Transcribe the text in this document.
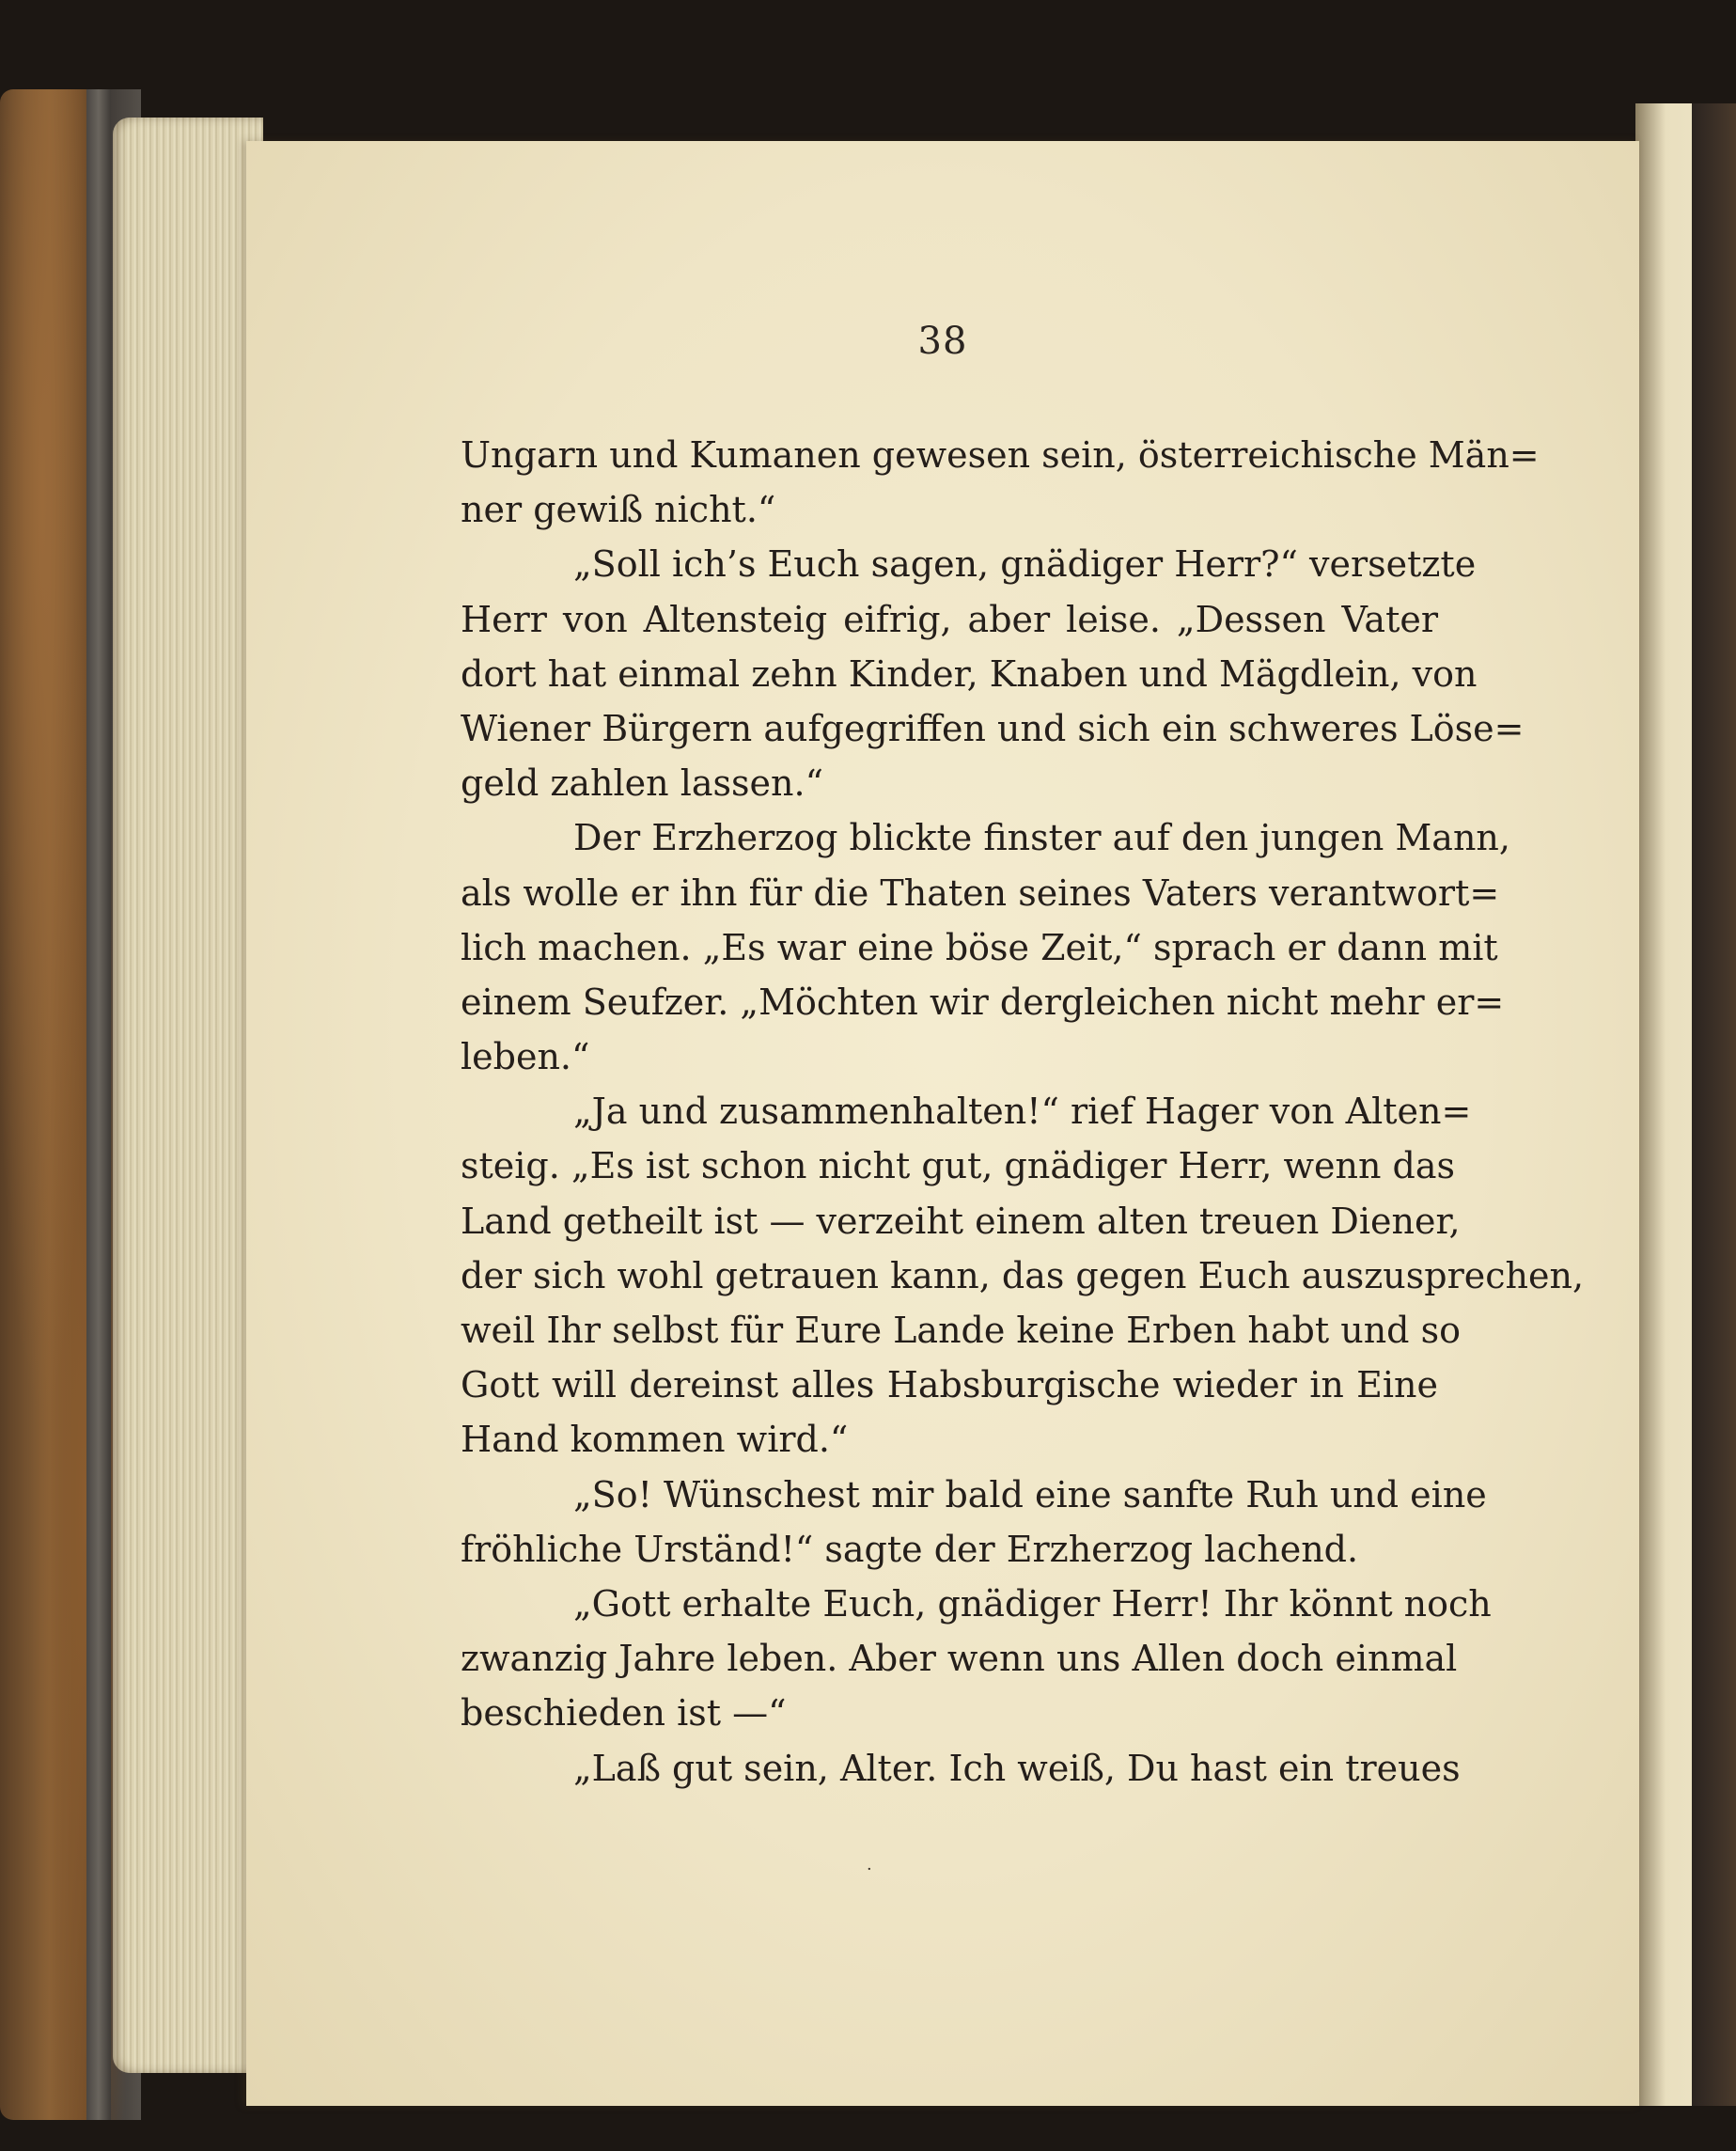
38
Ungarn und Kumanen gewesen sein, österreichische Män=
ner gewiß nicht.“
„Soll ich’s Euch sagen, gnädiger Herr?“ versetzte
Herr von Altensteig eifrig, aber leise. „Dessen Vater
dort hat einmal zehn Kinder, Knaben und Mägdlein, von
Wiener Bürgern aufgegriffen und sich ein schweres Löse=
geld zahlen lassen.“
Der Erzherzog blickte finster auf den jungen Mann,
als wolle er ihn für die Thaten seines Vaters verantwort=
lich machen. „Es war eine böse Zeit,“ sprach er dann mit
einem Seufzer. „Möchten wir dergleichen nicht mehr er=
leben.“
„Ja und zusammenhalten!“ rief Hager von Alten=
steig. „Es ist schon nicht gut, gnädiger Herr, wenn das
Land getheilt ist — verzeiht einem alten treuen Diener,
der sich wohl getrauen kann, das gegen Euch auszusprechen,
weil Ihr selbst für Eure Lande keine Erben habt und so
Gott will dereinst alles Habsburgische wieder in Eine
Hand kommen wird.“
„So! Wünschest mir bald eine sanfte Ruh und eine
fröhliche Urständ!“ sagte der Erzherzog lachend.
„Gott erhalte Euch, gnädiger Herr! Ihr könnt noch
zwanzig Jahre leben. Aber wenn uns Allen doch einmal
beschieden ist —“
„Laß gut sein, Alter. Ich weiß, Du hast ein treues
·
